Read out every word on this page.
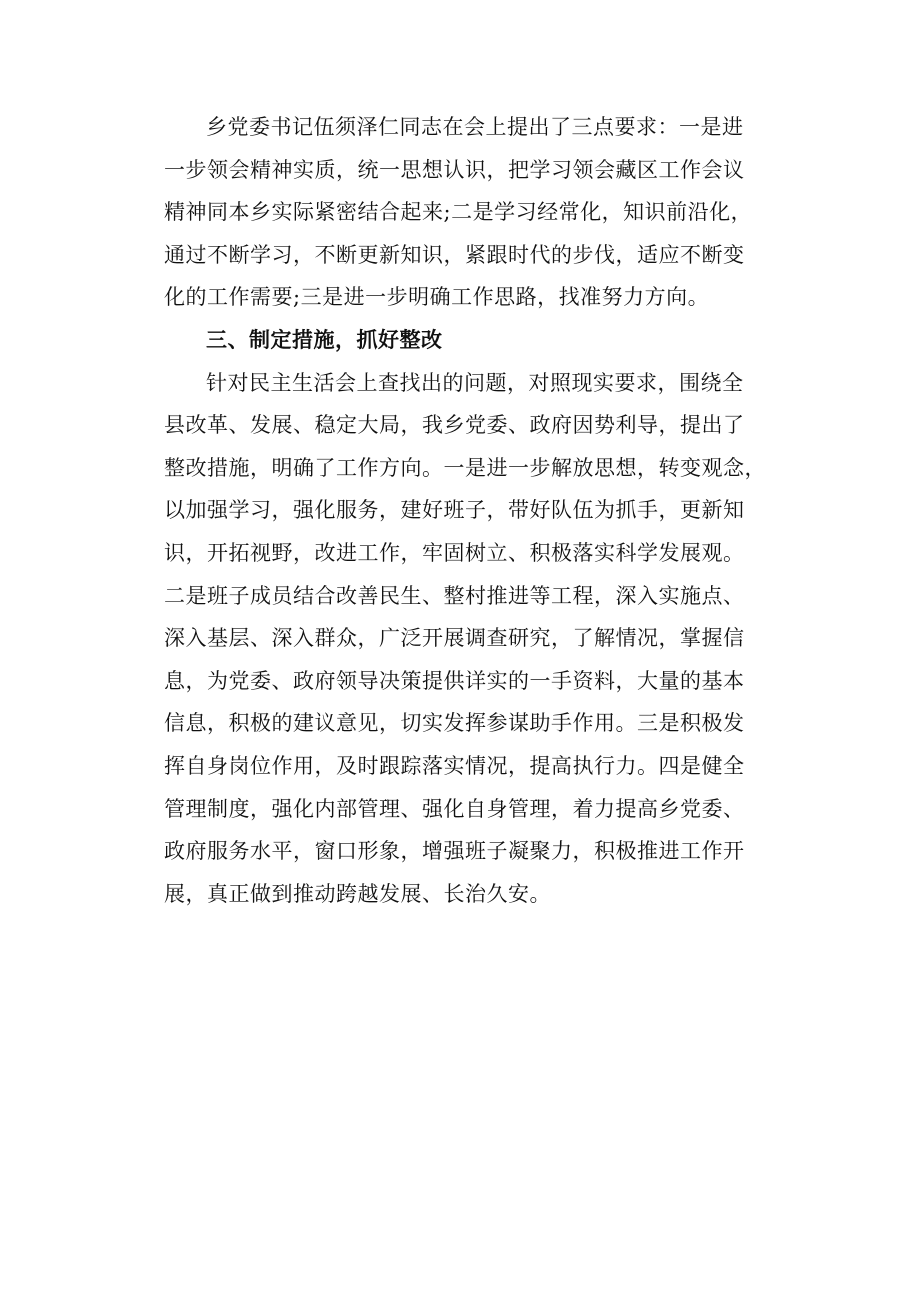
乡党委书记伍须泽仁同志在会上提出了三点要求：一是进
一步领会精神实质，统一思想认识，把学习领会藏区工作会议
精神同本乡实际紧密结合起来;二是学习经常化，知识前沿化，
通过不断学习，不断更新知识，紧跟时代的步伐，适应不断变
化的工作需要;三是进一步明确工作思路，找准努力方向。
三、制定措施，抓好整改
针对民主生活会上查找出的问题，对照现实要求，围绕全
县改革、发展、稳定大局，我乡党委、政府因势利导，提出了
整改措施，明确了工作方向。一是进一步解放思想，转变观念，
以加强学习，强化服务，建好班子，带好队伍为抓手，更新知
识，开拓视野，改进工作，牢固树立、积极落实科学发展观。
二是班子成员结合改善民生、整村推进等工程，深入实施点、
深入基层、深入群众，广泛开展调查研究，了解情况，掌握信
息，为党委、政府领导决策提供详实的一手资料，大量的基本
信息，积极的建议意见，切实发挥参谋助手作用。三是积极发
挥自身岗位作用，及时跟踪落实情况，提高执行力。四是健全
管理制度，强化内部管理、强化自身管理，着力提高乡党委、
政府服务水平，窗口形象，增强班子凝聚力，积极推进工作开
展，真正做到推动跨越发展、长治久安。
